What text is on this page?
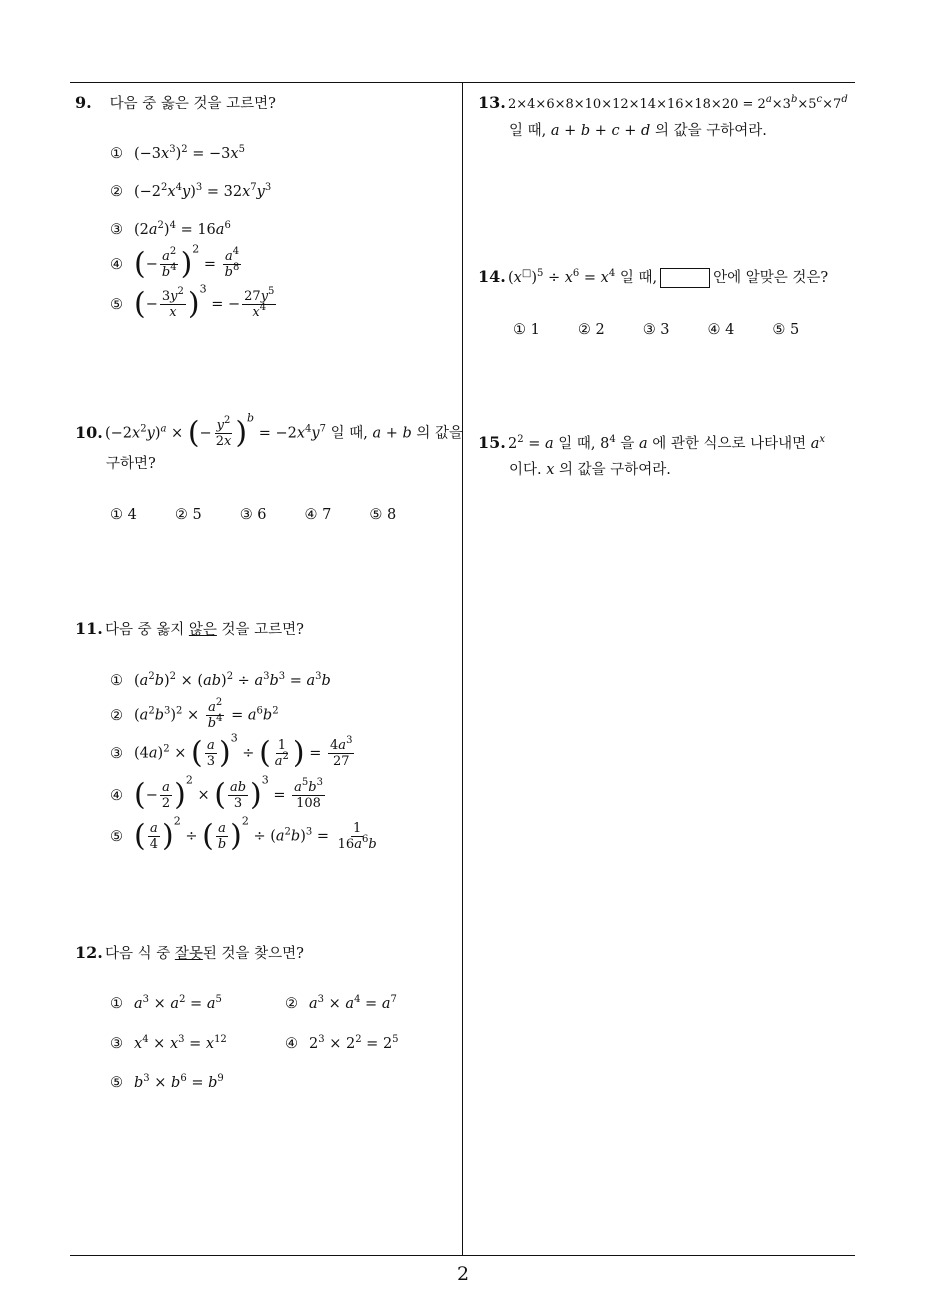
2
9. 다음 중 옳은 것을 고르면?
① $(-3x^3)^2 = -3x^5$
② $(-2^2x^4y)^3 = 32x^7y^3$
③ $(2a^2)^4 = 16a^6$
④ (− $\frac{a^2}{b^4} )^2 = \frac{a^4}{b^8}$
⑤ (− $\frac{3y^2}{x} )^3$ = − $\frac{27y^5}{x^4}$
10. $(-2x^2y)^a$ × (− $\frac{y^2}{2x} )^b = -2x^4y^7$ 일 때, a + b 의 값을
구하면?
① 4	② 5	③ 6	④ 7	⑤ 8
11. 다음 중 옳지 않은 것을 고르면?
① $(a^2b)^2 \times (ab)^2 \div a^3b^3 = a^3b$
② $(a^2b^3)^2 \times \frac{a^2}{b^4} = a^6b^2$
③ $(4a)^2$ × ( $\frac{a}{3} )^3$ ÷ ( $\frac{1}{a^2}$ ) = $\frac{4a^3}{27}$
④ (− $\frac{a}{2} )^2$ × ( $\frac{ab}{3} )^3 = \frac{a^5b^3}{108}$
⑤ ( $\frac{a}{4} )^2$ ÷ ( $\frac{a}{b} )^2 \div (a^2b)^3 = \frac{1}{16a^6b}$
12. 다음 식 중 잘못된 것을 찾으면?
① $a^3 \times a^2 = a^5$	② $a^3 \times a^4 = a^7$
③ $x^4 \times x^3 = x^{12}$	④ $2^3 \times 2^2 = 2^5$
⑤ $b^3 \times b^6 = b^9$
13. $2\times 4\times 6\times 8\times 10\times 12\times 14\times 16\times 18\times 20 = 2^a\times 3^b\times 5^c\times 7^d$
일 때, a + b + c + d 의 값을 구하여라.
14. $(x^□)^5 \div x^6 = x^4$ 일 때,	안에 알맞은 것은?
① 1	② 2	③ 3	④ 4	⑤ 5
15. $2^2 = a$ 일 때, $8^4$ 을 a 에 관한 식으로 나타내면 $a^x$
이다. x 의 값을 구하여라.
